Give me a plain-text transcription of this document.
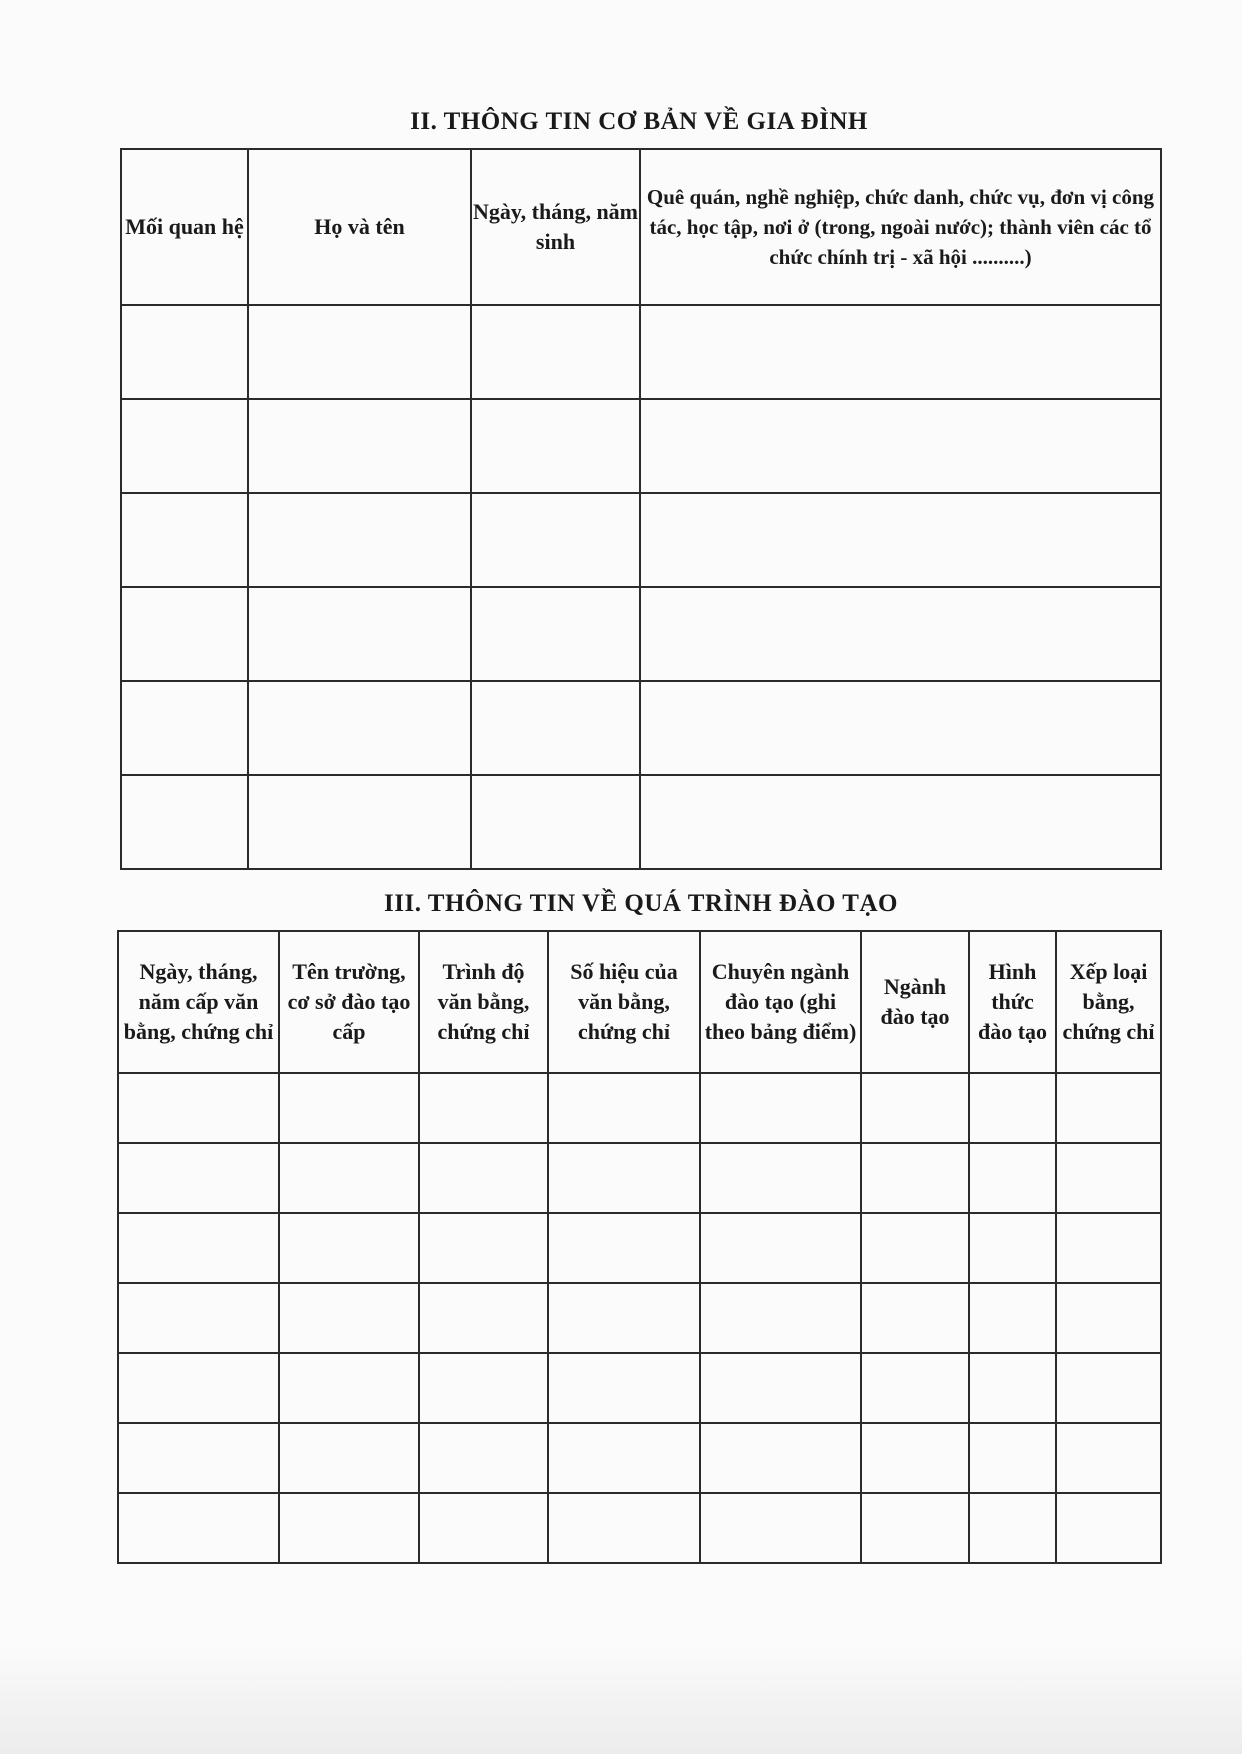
II. THÔNG TIN CƠ BẢN VỀ GIA ĐÌNH
Mối quan hệ	Họ và tên	Ngày, tháng, năm sinh	Quê quán, nghề nghiệp, chức danh, chức vụ, đơn vị công tác, học tập, nơi ở (trong, ngoài nước); thành viên các tổ chức chính trị - xã hội ..........)

III. THÔNG TIN VỀ QUÁ TRÌNH ĐÀO TẠO
Ngày, tháng, năm cấp văn bằng, chứng chỉ	Tên trường, cơ sở đào tạo cấp	Trình độ văn bằng, chứng chỉ	Số hiệu của văn bằng, chứng chỉ	Chuyên ngành đào tạo (ghi theo bảng điểm)	Ngành đào tạo	Hình thức đào tạo	Xếp loại bằng, chứng chỉ
